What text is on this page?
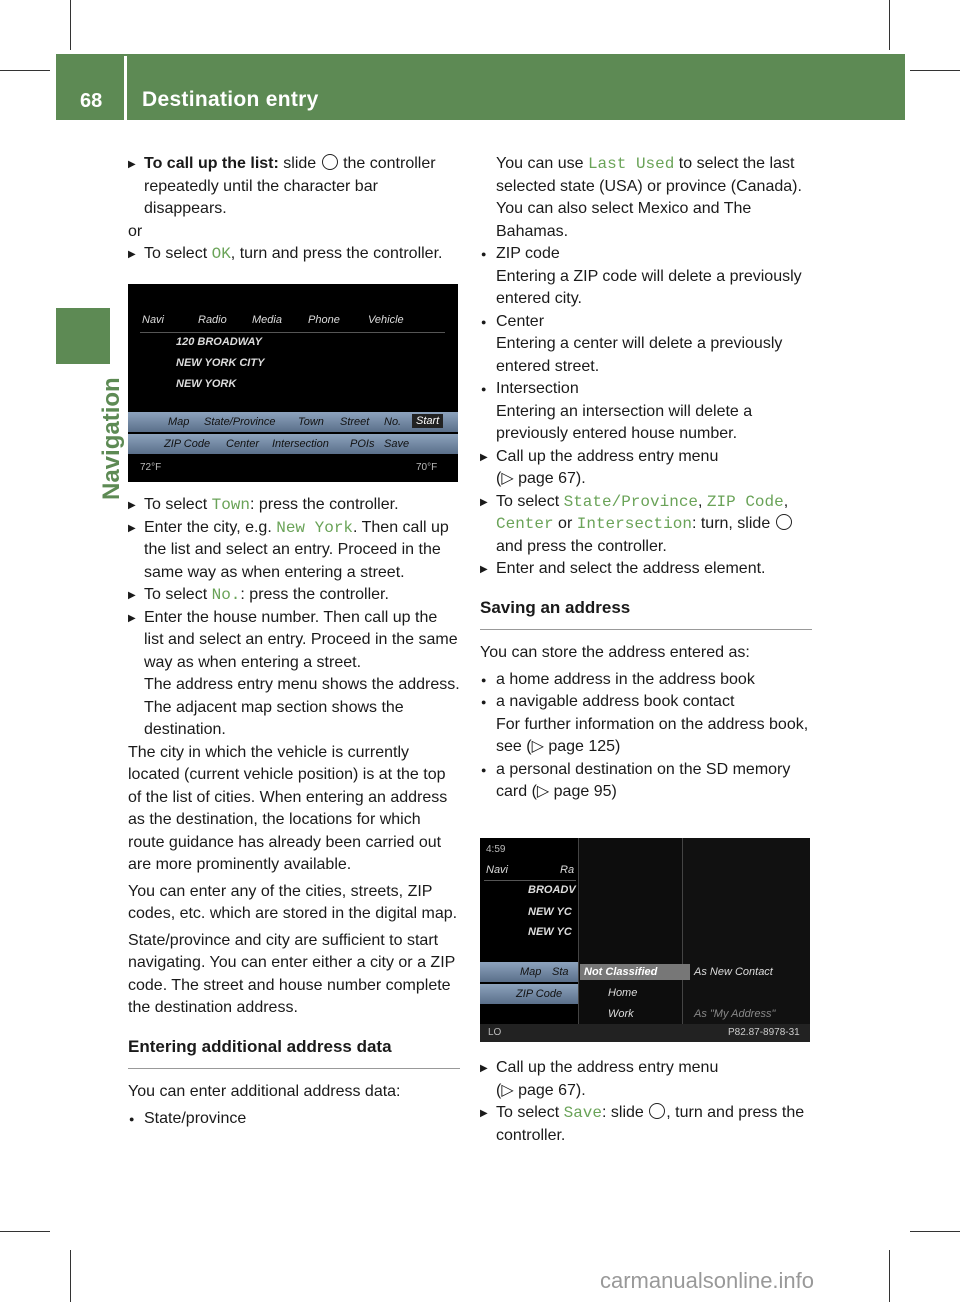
68 Destination entry
Navigation

▶ To call up the list: slide  the controller repeatedly until the character bar disappears.

or

▶ To select OK, turn and press the controller.

Navi	Radio Media Phone	Vehicle
120 BROADWAY
NEW YORK CITY
NEW YORK
Map State/Province Town Street No.	Start
ZIP Code Center Intersection POIs Save
72°F	70°F

▶ To select Town: press the controller.

▶ Enter the city, e.g. New York. Then call up the list and select an entry. Proceed in the same way as when entering a street.

▶ To select No.: press the controller.

▶ Enter the house number. Then call up the list and select an entry. Proceed in the same way as when entering a street.

The address entry menu shows the address. The adjacent map section shows the destination.

The city in which the vehicle is currently located (current vehicle position) is at the top of the list of cities. When entering an address as the destination, the locations for which route guidance has already been carried out are more prominently available.

You can enter any of the cities, streets, ZIP codes, etc. which are stored in the digital map.

State/province and city are sufficient to start navigating. You can enter either a city or a ZIP code. The street and house number complete the destination address.

Entering additional address data

You can enter additional address data:

● State/province

You can use Last Used to select the last selected state (USA) or province (Canada). You can also select Mexico and The Bahamas.

● ZIP code

Entering a ZIP code will delete a previously entered city.

● Center

Entering a center will delete a previously entered street.

● Intersection

Entering an intersection will delete a previously entered house number.

▶ Call up the address entry menu
(▷ page 67).

▶ To select State/Province, ZIP Code,
Center or Intersection: turn, slide  and press the controller.

▶ Enter and select the address element.

Saving an address

You can store the address entered as:

● a home address in the address book

● a navigable address book contact

For further information on the address book, see (▷ page 125)

● a personal destination on the SD memory card (▷ page 95)

4:59
Navi	Ra
BROADV
NEW YC
NEW YC
Map Sta
ZIP Code
Not Classified
Home
Work
As New Contact
As "My Address"
LO	P82.87-8978-31

▶ Call up the address entry menu
(▷ page 67).

▶ To select Save: slide , turn and press the controller.

carmanualsonline.info
